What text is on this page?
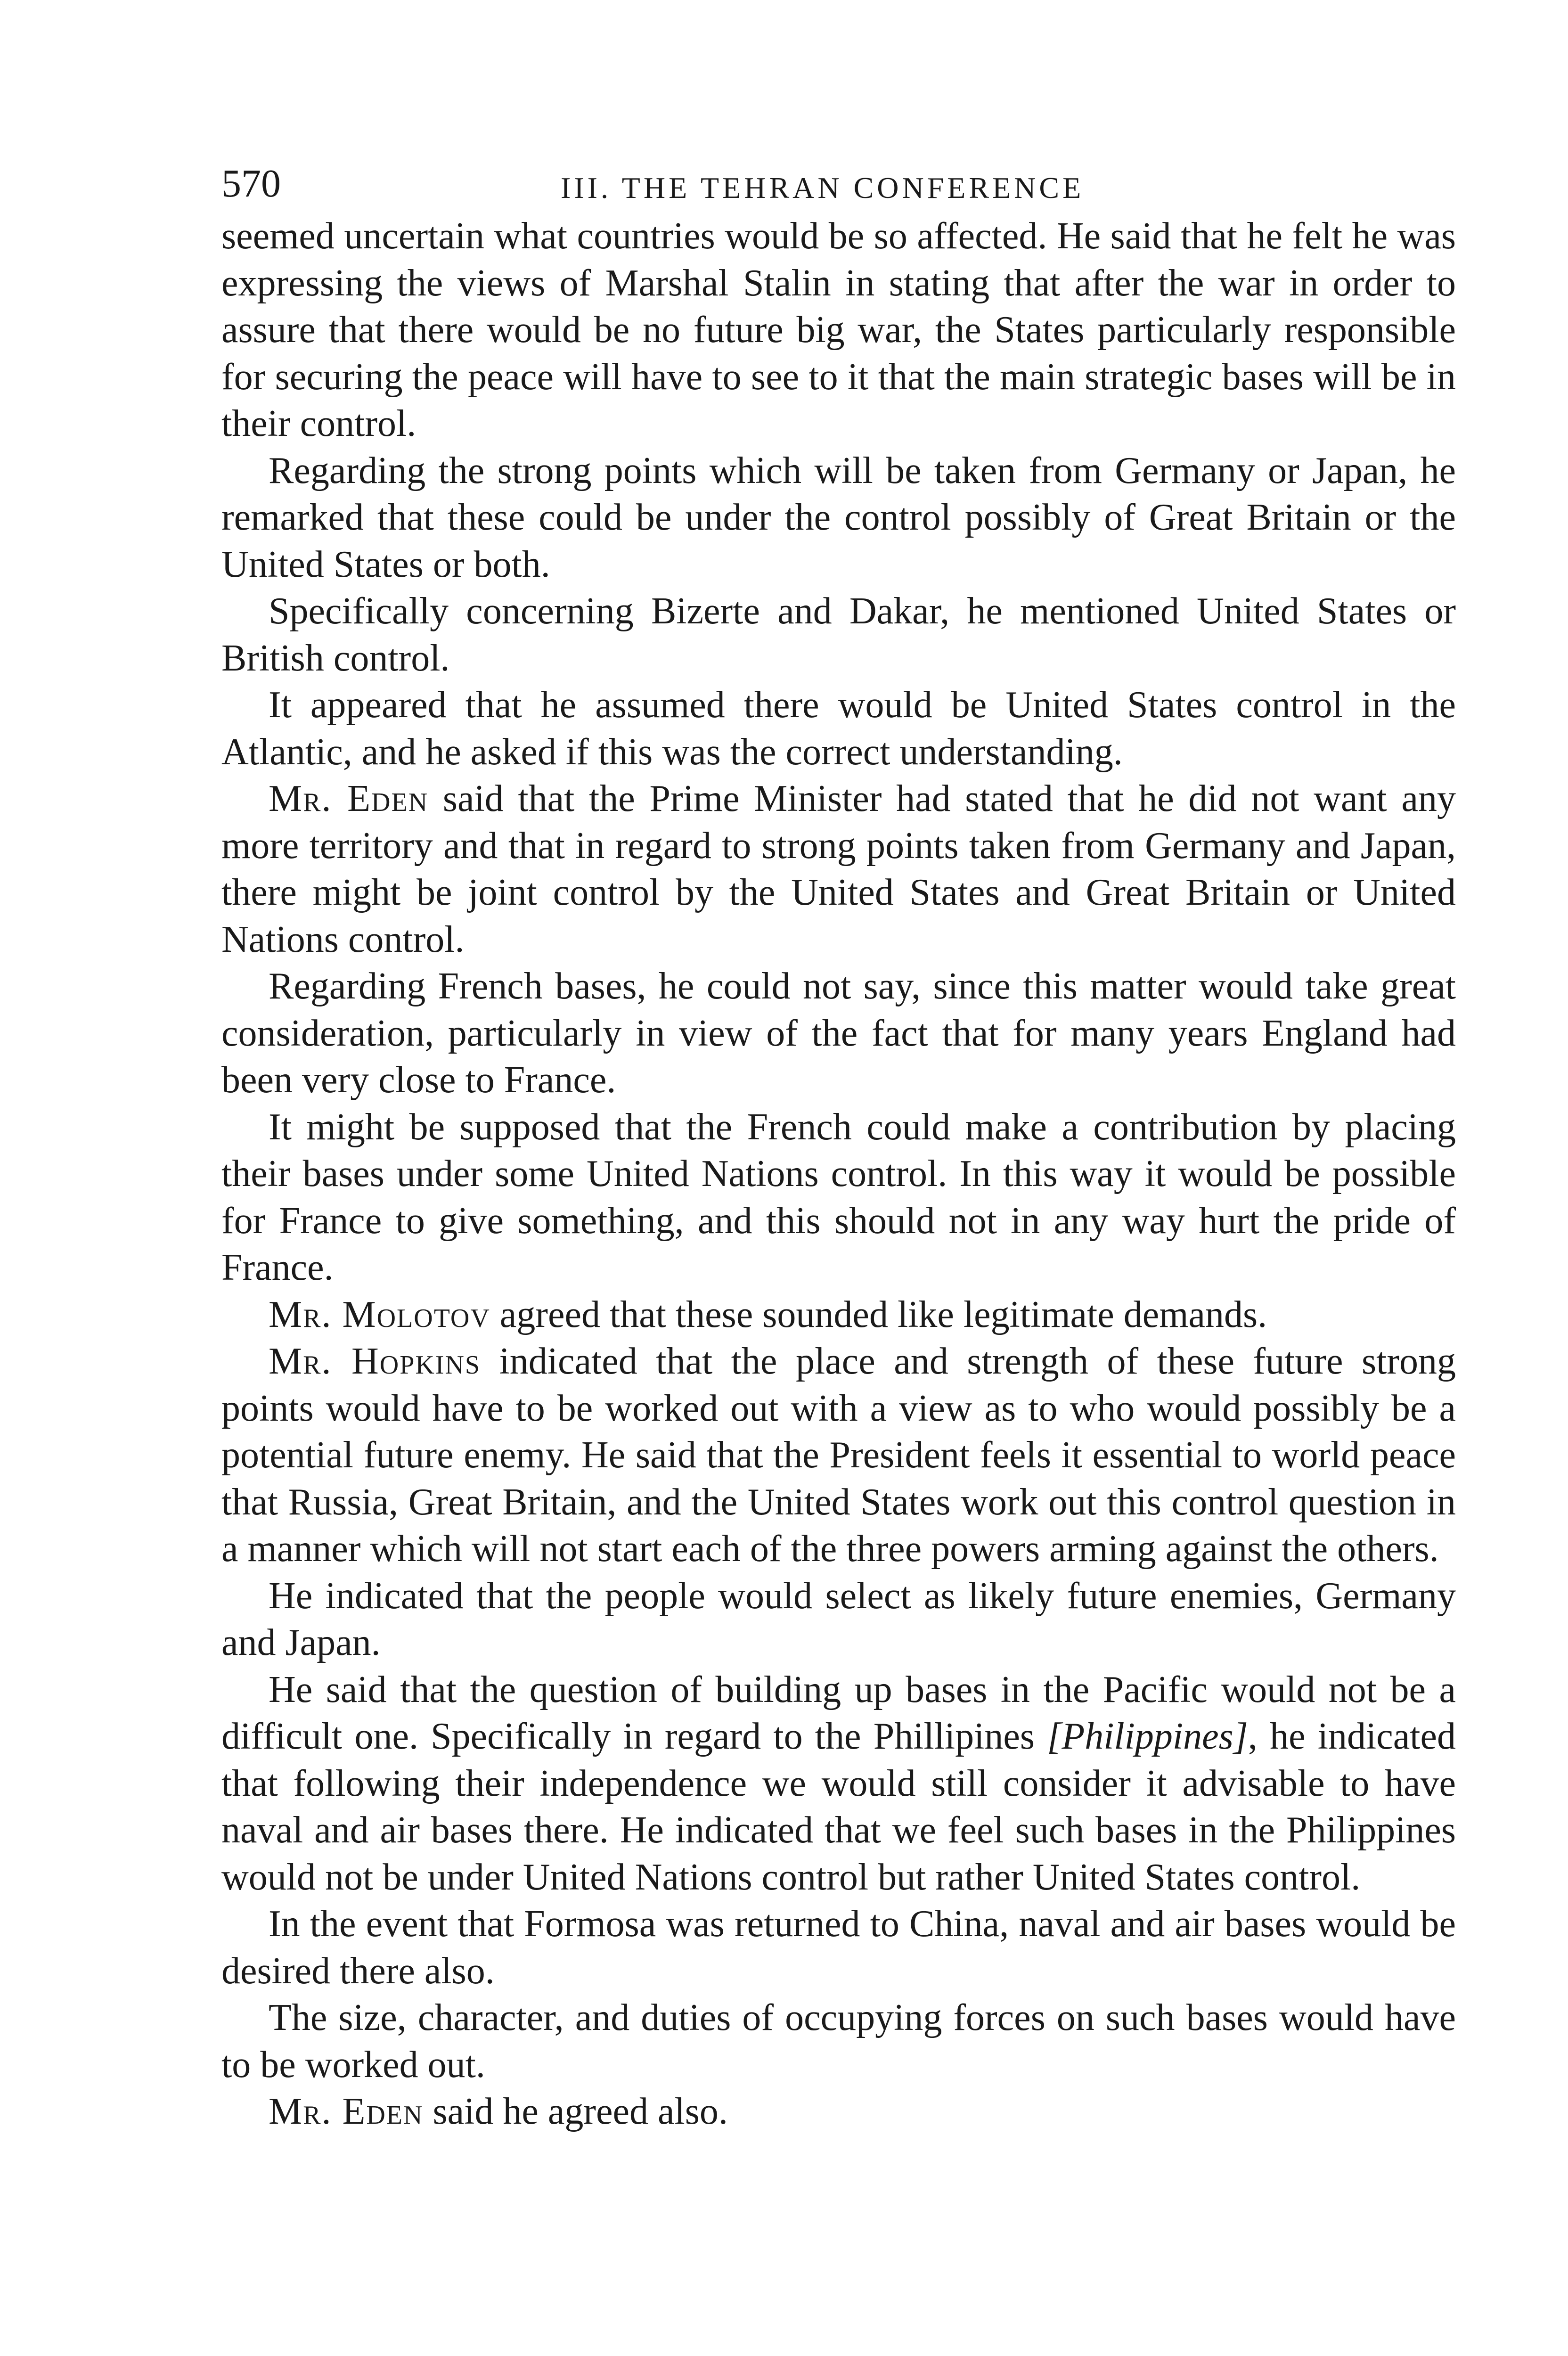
570	III. THE TEHRAN CONFERENCE

seemed uncertain what countries would be so affected. He said that he felt he was expressing the views of Marshal Stalin in stating that after the war in order to assure that there would be no future big war, the States particularly responsible for securing the peace will have to see to it that the main strategic bases will be in their control.

Regarding the strong points which will be taken from Germany or Japan, he remarked that these could be under the control possibly of Great Britain or the United States or both.

Specifically concerning Bizerte and Dakar, he mentioned United States or British control.

It appeared that he assumed there would be United States control in the Atlantic, and he asked if this was the correct understanding.

Mr. Eden said that the Prime Minister had stated that he did not want any more territory and that in regard to strong points taken from Germany and Japan, there might be joint control by the United States and Great Britain or United Nations control.

Regarding French bases, he could not say, since this matter would take great consideration, particularly in view of the fact that for many years England had been very close to France.

It might be supposed that the French could make a contribution by placing their bases under some United Nations control. In this way it would be possible for France to give something, and this should not in any way hurt the pride of France.

Mr. Molotov agreed that these sounded like legitimate demands.

Mr. Hopkins indicated that the place and strength of these future strong points would have to be worked out with a view as to who would possibly be a potential future enemy. He said that the President feels it essential to world peace that Russia, Great Britain, and the United States work out this control question in a manner which will not start each of the three powers arming against the others.

He indicated that the people would select as likely future enemies, Germany and Japan.

He said that the question of building up bases in the Pacific would not be a difficult one. Specifically in regard to the Phillipines [Philippines], he indicated that following their independence we would still consider it advisable to have naval and air bases there. He indicated that we feel such bases in the Philippines would not be under United Nations control but rather United States control.

In the event that Formosa was returned to China, naval and air bases would be desired there also.

The size, character, and duties of occupying forces on such bases would have to be worked out.

Mr. Eden said he agreed also.
